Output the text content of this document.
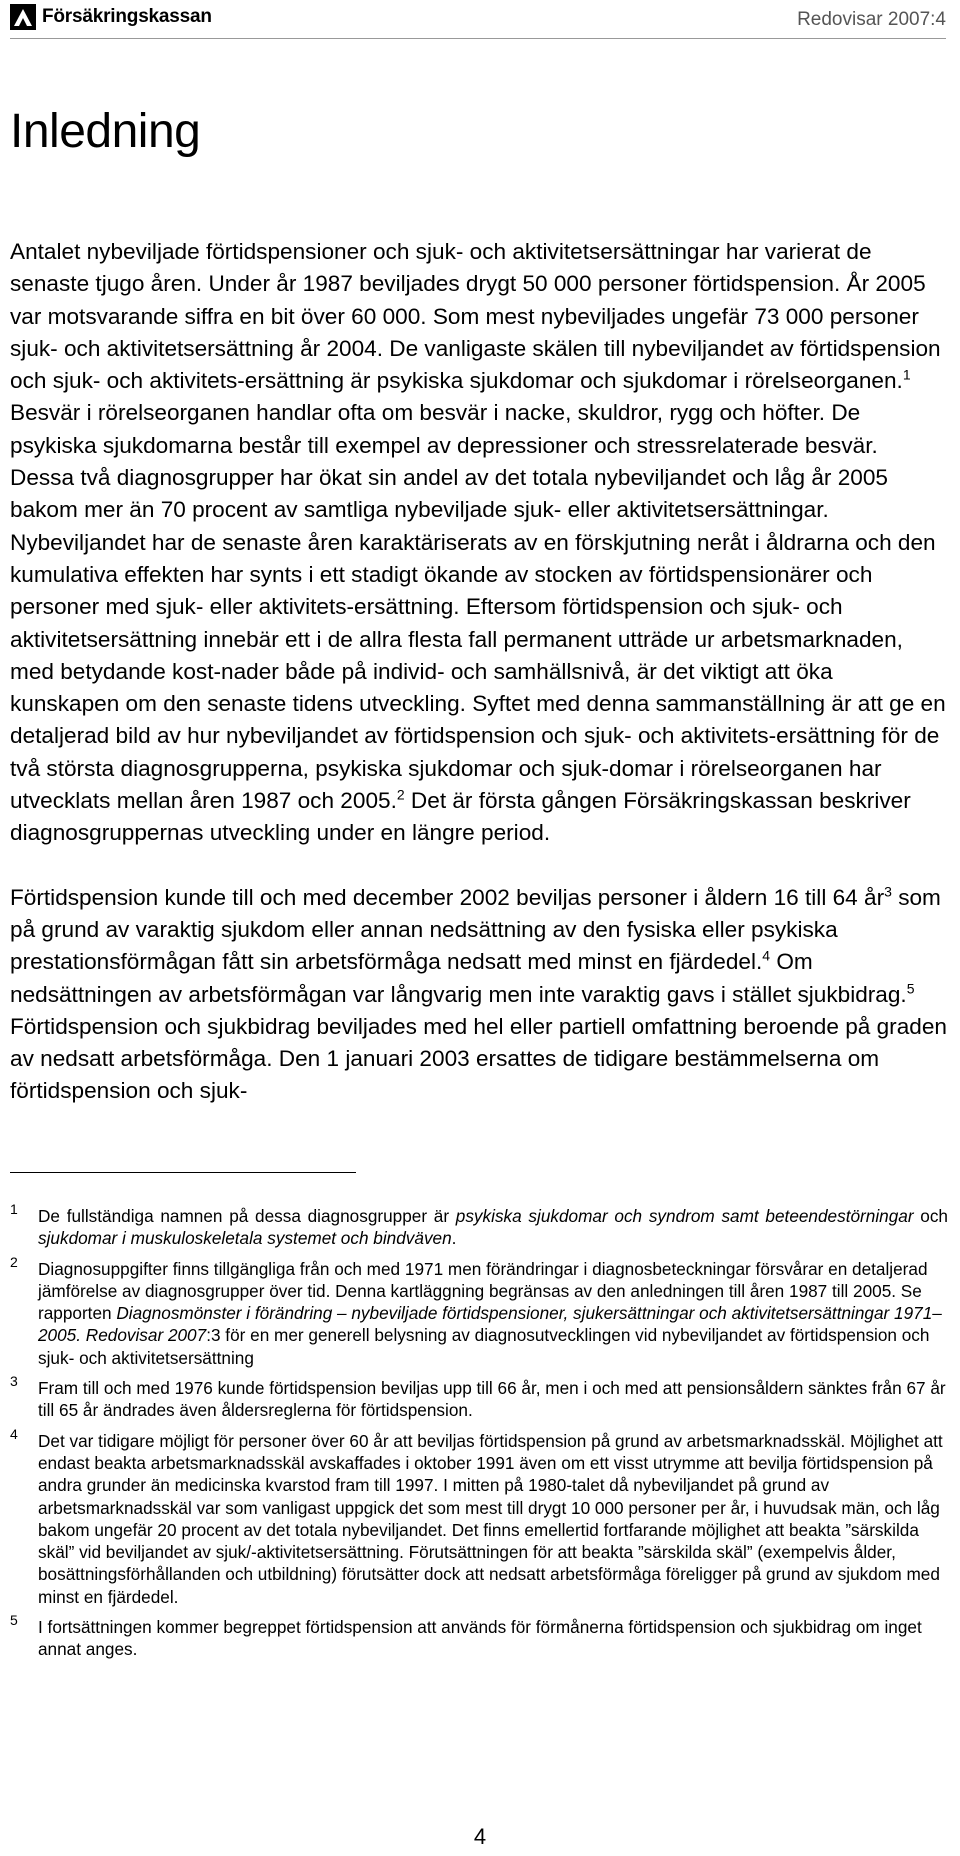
Försäkringskassan	Redovisar 2007:4
Inledning

Antalet nybeviljade förtidspensioner och sjuk- och aktivitetsersättningar har varierat de senaste tjugo åren. Under år 1987 beviljades drygt 50 000 personer förtidspension. År 2005 var motsvarande siffra en bit över 60 000. Som mest nybeviljades ungefär 73 000 personer sjuk- och aktivitetsersättning år 2004. De vanligaste skälen till nybeviljandet av förtidspension och sjuk- och aktivitets-ersättning är psykiska sjukdomar och sjukdomar i rörelseorganen.$^1$ Besvär i rörelseorganen handlar ofta om besvär i nacke, skuldror, rygg och höfter. De psykiska sjukdomarna består till exempel av depressioner och stressrelaterade besvär. Dessa två diagnosgrupper har ökat sin andel av det totala nybeviljandet och låg år 2005 bakom mer än 70 procent av samtliga nybeviljade sjuk- eller aktivitetsersättningar. Nybeviljandet har de senaste åren karaktäriserats av en förskjutning neråt i åldrarna och den kumulativa effekten har synts i ett stadigt ökande av stocken av förtidspensionärer och personer med sjuk- eller aktivitets-ersättning. Eftersom förtidspension och sjuk- och aktivitetsersättning innebär ett i de allra flesta fall permanent utträde ur arbetsmarknaden, med betydande kost-nader både på individ- och samhällsnivå, är det viktigt att öka kunskapen om den senaste tidens utveckling. Syftet med denna sammanställning är att ge en detaljerad bild av hur nybeviljandet av förtidspension och sjuk- och aktivitets-ersättning för de två största diagnosgrupperna, psykiska sjukdomar och sjuk-domar i rörelseorganen har utvecklats mellan åren 1987 och 2005.$^2$ Det är första gången Försäkringskassan beskriver diagnosgruppernas utveckling under en längre period.

Förtidspension kunde till och med december 2002 beviljas personer i åldern 16 till 64 $år^3$ som på grund av varaktig sjukdom eller annan nedsättning av den fysiska eller psykiska prestationsförmågan fått sin arbetsförmåga nedsatt med minst en fjärdedel.$^4$ Om nedsättningen av arbetsförmågan var långvarig men inte varaktig gavs i stället sjukbidrag.$^5$ Förtidspension och sjukbidrag beviljades med hel eller partiell omfattning beroende på graden av nedsatt arbetsförmåga. Den 1 januari 2003 ersattes de tidigare bestämmelserna om förtidspension och sjuk-

1 De fullständiga namnen på dessa diagnosgrupper är psykiska sjukdomar och syndrom samt beteendestörningar och sjukdomar i muskuloskeletala systemet och bindväven.
2 Diagnosuppgifter finns tillgängliga från och med 1971 men förändringar i diagnosbeteckningar försvårar en detaljerad jämförelse av diagnosgrupper över tid. Denna kartläggning begränsas av den anledningen till åren 1987 till 2005. Se rapporten Diagnosmönster i förändring – nybeviljade förtidspensioner, sjukersättningar och aktivitetsersättningar 1971–2005. Redovisar 2007:3 för en mer generell belysning av diagnosutvecklingen vid nybeviljandet av förtidspension och sjuk- och aktivitetsersättning
3 Fram till och med 1976 kunde förtidspension beviljas upp till 66 år, men i och med att pensionsåldern sänktes från 67 år till 65 år ändrades även åldersreglerna för förtidspension.
4 Det var tidigare möjligt för personer över 60 år att beviljas förtidspension på grund av arbetsmarknadsskäl. Möjlighet att endast beakta arbetsmarknadsskäl avskaffades i oktober 1991 även om ett visst utrymme att bevilja förtidspension på andra grunder än medicinska kvarstod fram till 1997. I mitten på 1980-talet då nybeviljandet på grund av arbetsmarknadsskäl var som vanligast uppgick det som mest till drygt 10 000 personer per år, i huvudsak män, och låg bakom ungefär 20 procent av det totala nybeviljandet. Det finns emellertid fortfarande möjlighet att beakta ”särskilda skäl” vid beviljandet av sjuk/-aktivitetsersättning. Förutsättningen för att beakta ”särskilda skäl” (exempelvis ålder, bosättningsförhållanden och utbildning) förutsätter dock att nedsatt arbetsförmåga föreligger på grund av sjukdom med minst en fjärdedel.
5 I fortsättningen kommer begreppet förtidspension att används för förmånerna förtidspension och sjukbidrag om inget annat anges.
4
